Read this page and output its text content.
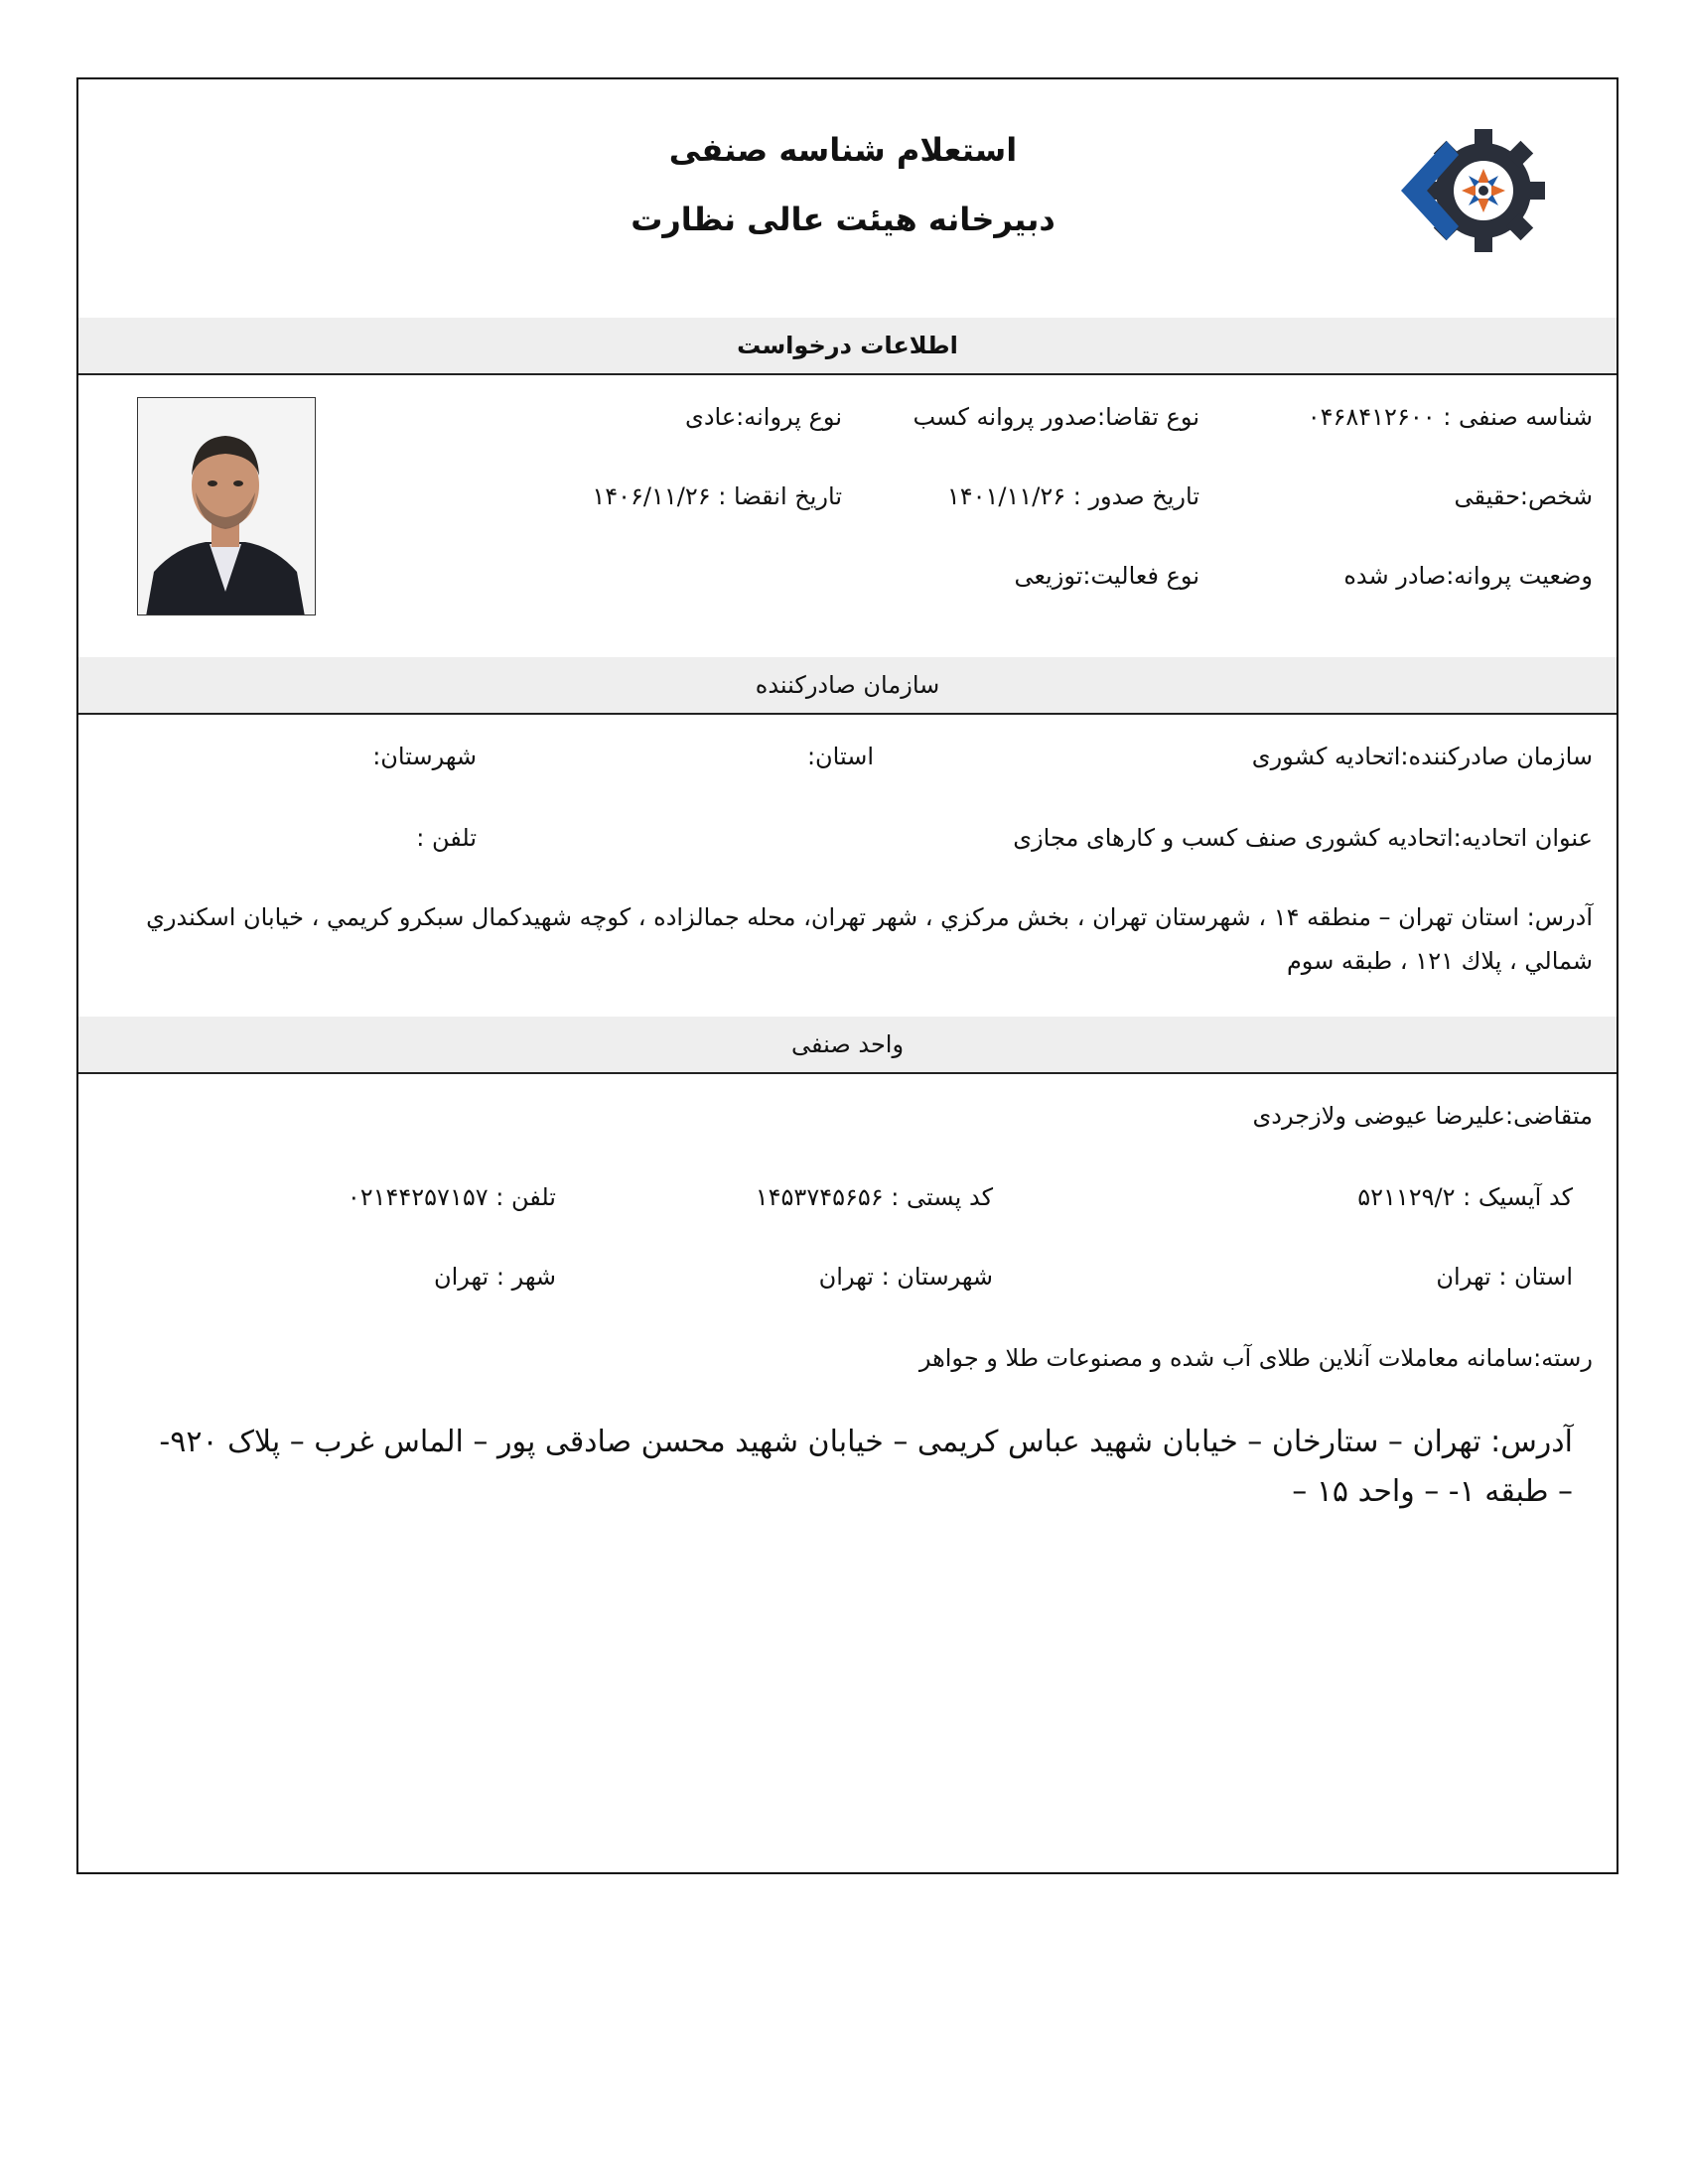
استعلام شناسه صنفی
دبیرخانه هیئت عالی نظارت
اطلاعات درخواست
شناسه صنفی : ۰۴۶۸۴۱۲۶۰۰
نوع تقاضا:صدور پروانه کسب
نوع پروانه:عادی
شخص:حقیقی
تاریخ صدور : ۱۴۰۱/۱۱/۲۶
تاریخ انقضا : ۱۴۰۶/۱۱/۲۶
وضعیت پروانه:صادر شده
نوع فعالیت:توزیعی
سازمان صادرکننده
سازمان صادرکننده:اتحادیه کشوری
استان:
شهرستان:
عنوان اتحادیه:اتحادیه کشوری صنف کسب و کارهای مجازی
تلفن :
آدرس: استان تهران – منطقه ۱۴ ، شهرستان تهران ، بخش مركزي ، شهر تهران، محله جمالزاده ، كوچه شهيدكمال سبكرو كريمي ، خيابان اسكندري شمالي ، پلاك ۱۲۱ ، طبقه سوم
واحد صنفی
متقاضی:علیرضا عیوضی ولازجردی
کد آیسیک : ۵۲۱۱۲۹/۲
کد پستی : ۱۴۵۳۷۴۵۶۵۶
تلفن : ۰۲۱۴۴۲۵۷۱۵۷
استان : تهران
شهرستان : تهران
شهر : تهران
رسته:سامانه معاملات آنلاین طلای آب شده و مصنوعات طلا و جواهر
آدرس: تهران – ستارخان – خیابان شهید عباس کریمی – خیابان شهید محسن صادقی پور – الماس غرب – پلاک ۹۲۰- – طبقه ۱- – واحد ۱۵ –
